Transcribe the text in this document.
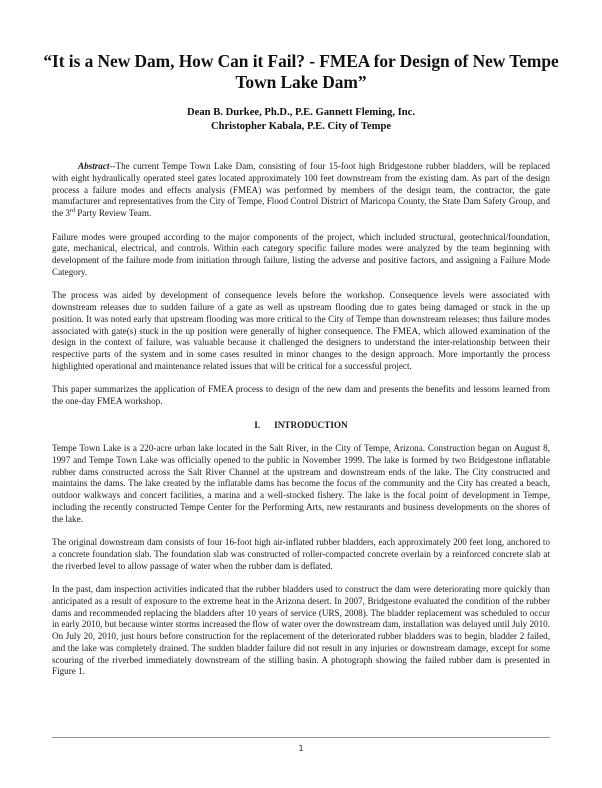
“It is a New Dam, How Can it Fail? - FMEA for Design of New Tempe Town Lake Dam”
Dean B. Durkee, Ph.D., P.E. Gannett Fleming, Inc.
Christopher Kabala, P.E. City of Tempe

Abstract--The current Tempe Town Lake Dam, consisting of four 15-foot high Bridgestone rubber bladders, will be replaced with eight hydraulically operated steel gates located approximately 100 feet downstream from the existing dam. As part of the design process a failure modes and effects analysis (FMEA) was performed by members of the design team, the contractor, the gate manufacturer and representatives from the City of Tempe, Flood Control District of Maricopa County, the State Dam Safety Group, and the 3rd Party Review Team.

Failure modes were grouped according to the major components of the project, which included structural, geotechnical/foundation, gate, mechanical, electrical, and controls. Within each category specific failure modes were analyzed by the team beginning with development of the failure mode from initiation through failure, listing the adverse and positive factors, and assigning a Failure Mode Category.

The process was aided by development of consequence levels before the workshop. Consequence levels were associated with downstream releases due to sudden failure of a gate as well as upstream flooding due to gates being damaged or stuck in the up position. It was noted early that upstream flooding was more critical to the City of Tempe than downstream releases; thus failure modes associated with gate(s) stuck in the up position were generally of higher consequence. The FMEA, which allowed examination of the design in the context of failure, was valuable because it challenged the designers to understand the inter-relationship between their respective parts of the system and in some cases resulted in minor changes to the design approach. More importantly the process highlighted operational and maintenance related issues that will be critical for a successful project.

This paper summarizes the application of FMEA process to design of the new dam and presents the benefits and lessons learned from the one-day FMEA workshop.

I. INTRODUCTION

Tempe Town Lake is a 220-acre urban lake located in the Salt River, in the City of Tempe, Arizona. Construction began on August 8, 1997 and Tempe Town Lake was officially opened to the public in November 1999. The lake is formed by two Bridgestone inflatable rubber dams constructed across the Salt River Channel at the upstream and downstream ends of the lake. The City constructed and maintains the dams. The lake created by the inflatable dams has become the focus of the community and the City has created a beach, outdoor walkways and concert facilities, a marina and a well-stocked fishery. The lake is the focal point of development in Tempe, including the recently constructed Tempe Center for the Performing Arts, new restaurants and business developments on the shores of the lake.

The original downstream dam consists of four 16-foot high air-inflated rubber bladders, each approximately 200 feet long, anchored to a concrete foundation slab. The foundation slab was constructed of roller-compacted concrete overlain by a reinforced concrete slab at the riverbed level to allow passage of water when the rubber dam is deflated.

In the past, dam inspection activities indicated that the rubber bladders used to construct the dam were deteriorating more quickly than anticipated as a result of exposure to the extreme heat in the Arizona desert. In 2007, Bridgestone evaluated the condition of the rubber dams and recommended replacing the bladders after 10 years of service (URS, 2008). The bladder replacement was scheduled to occur in early 2010, but because winter storms increased the flow of water over the downstream dam, installation was delayed until July 2010. On July 20, 2010, just hours before construction for the replacement of the deteriorated rubber bladders was to begin, bladder 2 failed, and the lake was completely drained. The sudden bladder failure did not result in any injuries or downstream damage, except for some scouring of the riverbed immediately downstream of the stilling basin. A photograph showing the failed rubber dam is presented in Figure 1.

1
